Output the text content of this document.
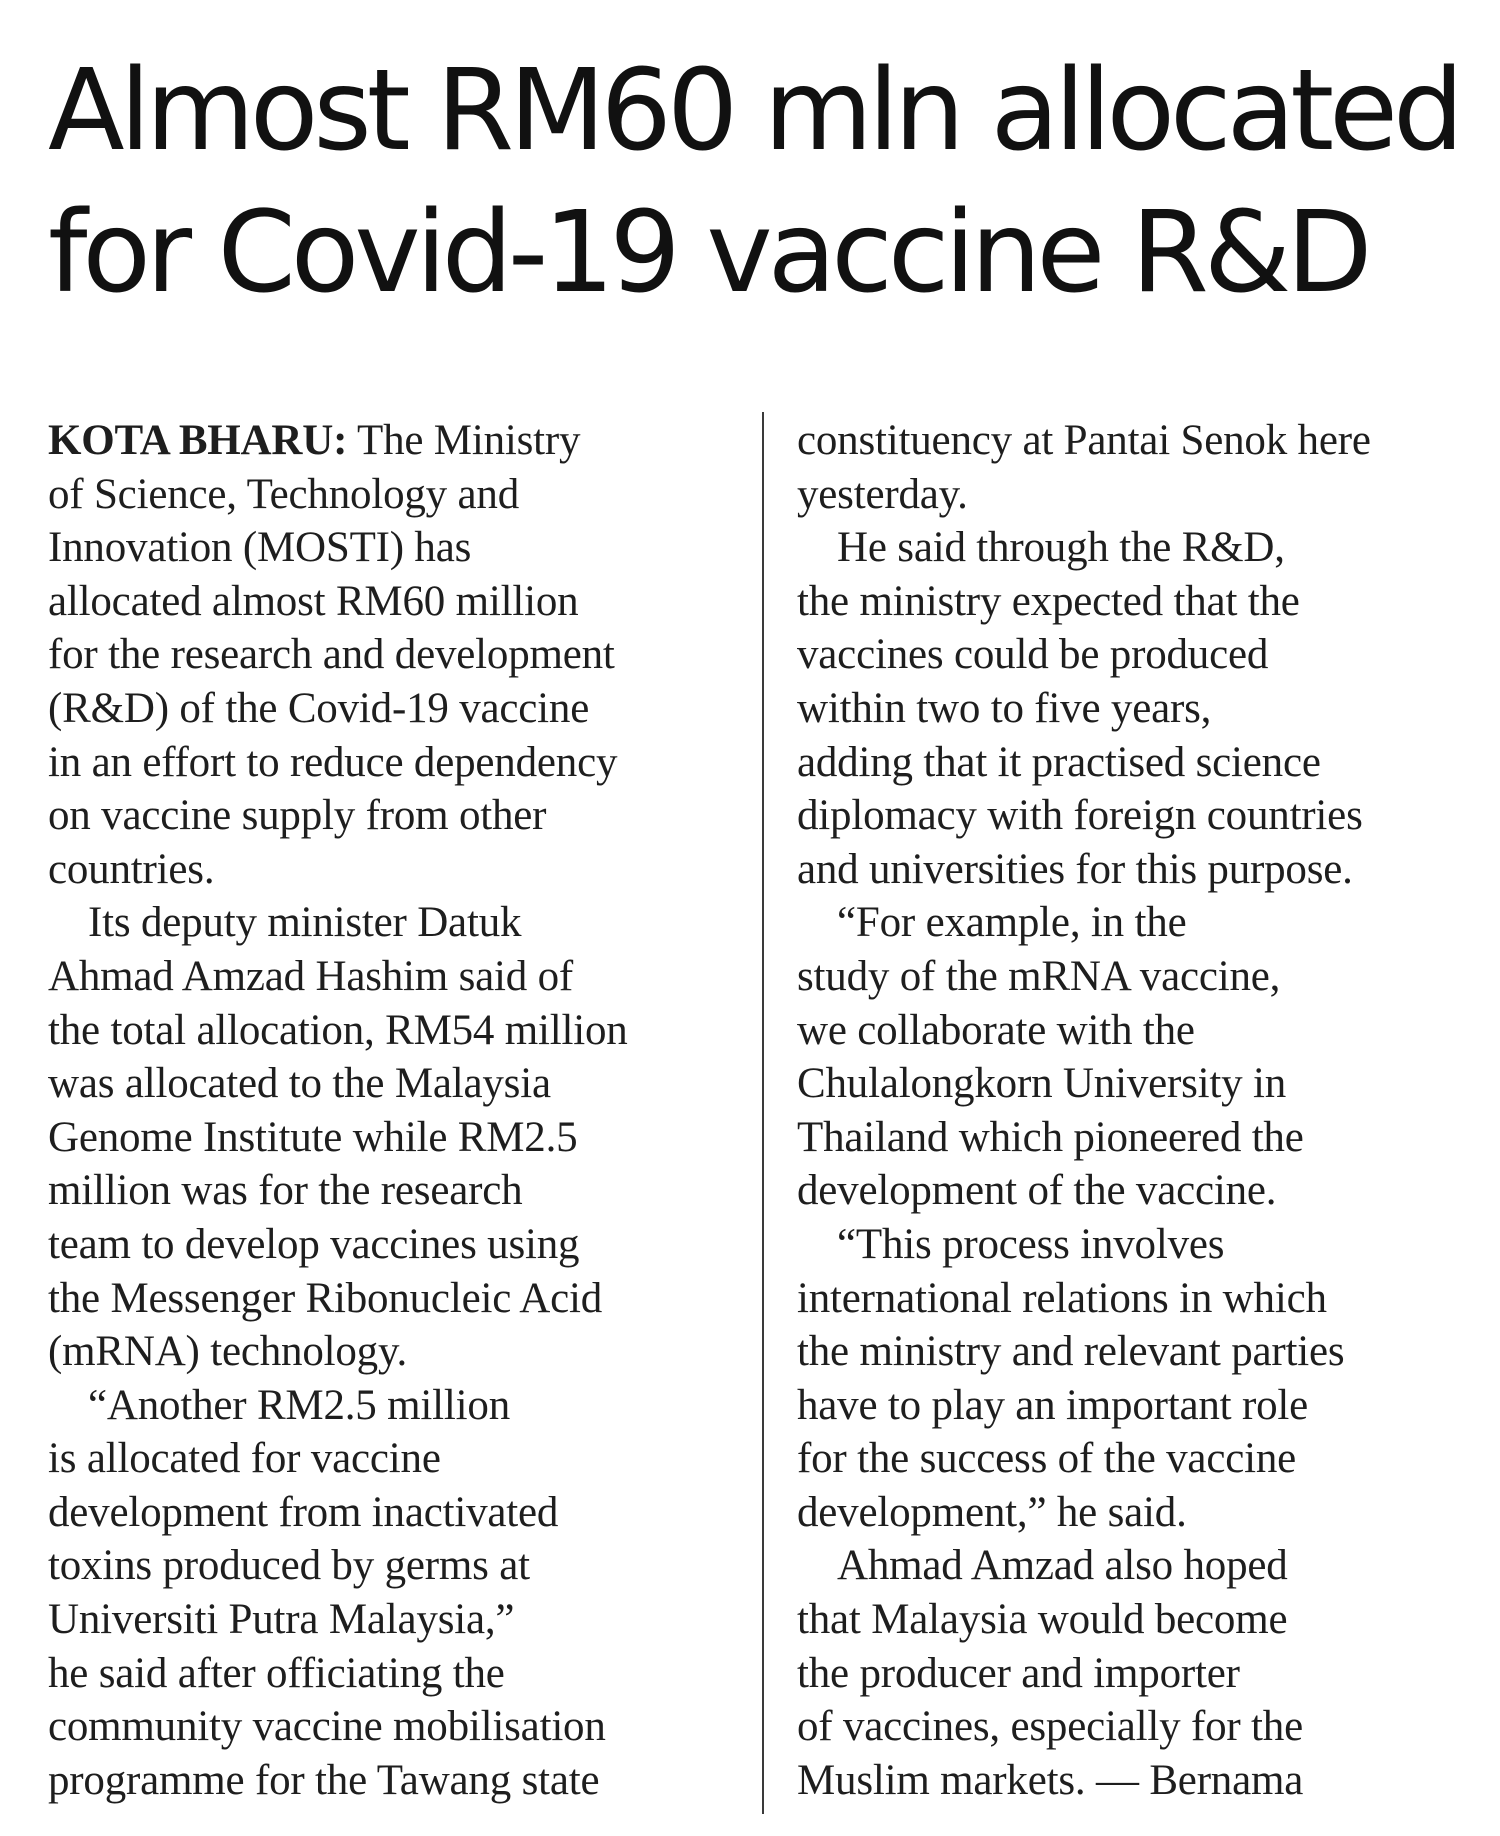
Almost RM60 mln allocated
for Covid-19 vaccine R&D
KOTA BHARU: The Ministry
of Science, Technology and
Innovation (MOSTI) has
allocated almost RM60 million
for the research and development
(R&D) of the Covid-19 vaccine
in an effort to reduce dependency
on vaccine supply from other
countries.
Its deputy minister Datuk
Ahmad Amzad Hashim said of
the total allocation, RM54 million
was allocated to the Malaysia
Genome Institute while RM2.5
million was for the research
team to develop vaccines using
the Messenger Ribonucleic Acid
(mRNA) technology.
“Another RM2.5 million
is allocated for vaccine
development from inactivated
toxins produced by germs at
Universiti Putra Malaysia,”
he said after officiating the
community vaccine mobilisation
programme for the Tawang state
constituency at Pantai Senok here
yesterday.
He said through the R&D,
the ministry expected that the
vaccines could be produced
within two to five years,
adding that it practised science
diplomacy with foreign countries
and universities for this purpose.
“For example, in the
study of the mRNA vaccine,
we collaborate with the
Chulalongkorn University in
Thailand which pioneered the
development of the vaccine.
“This process involves
international relations in which
the ministry and relevant parties
have to play an important role
for the success of the vaccine
development,” he said.
Ahmad Amzad also hoped
that Malaysia would become
the producer and importer
of vaccines, especially for the
Muslim markets. — Bernama
